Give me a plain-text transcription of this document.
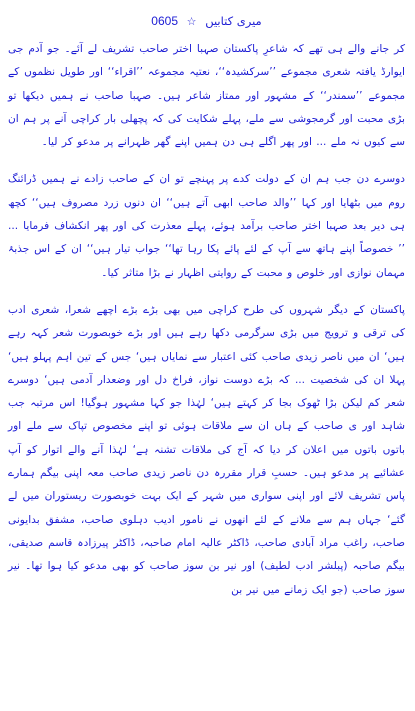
میری کتابیں ☆ 0605

کر جانے والے ہی تھے کہ شاعرِ پاکستان صہبا اختر صاحب تشریف لے آئے۔ جو آدم جی ایوارڈ یافتہ شعری مجموعے ’’سرکشیدہ‘‘، نعتیہ مجموعہ ’’اقراء‘‘ اور طویل نظموں کے مجموعے ’’سمندر‘‘ کے مشہور اور ممتاز شاعر ہیں۔ صہبا صاحب نے ہمیں دیکھا تو بڑی محبت اور گرمجوشی سے ملے، پہلے شکایت کی کہ پچھلی بار کراچی آنے پر ہم ان سے کیوں نہ ملے ... اور پھر اگلے ہی دن ہمیں اپنے گھر ظہرانے پر مدعو کر لیا۔

دوسرے دن جب ہم ان کے دولت کدے پر پہنچے تو ان کے صاحب زادے نے ہمیں ڈرائنگ روم میں بٹھایا اور کہا ’’والد صاحب ابھی آتے ہیں‘‘ ان دنوں زرد مصروف ہیں‘‘ کچھ ہی دیر بعد صہبا اختر صاحب برآمد ہوئے، پہلے معذرت کی اور پھر انکشاف فرمایا ... ’’ خصوصاً اپنے ہاتھ سے آپ کے لئے پائے پکا رہا تھا‘‘ جواب تیار ہیں‘‘ ان کے اس جذبۂ مہمان نوازی اور خلوص و محبت کے روایتی اظہار نے بڑا متاثر کیا۔

پاکستان کے دیگر شہروں کی طرح کراچی میں بھی بڑے بڑے اچھے شعرا، شعری ادب کی ترقی و ترویج میں بڑی سرگرمی دکھا رہے ہیں اور بڑے خوبصورت شعر کہہ رہے ہیں‘ ان میں ناصر زیدی صاحب کئی اعتبار سے نمایاں ہیں‘ جس کے تین اہم پہلو ہیں‘ پہلا ان کی شخصیت ... کہ بڑے دوست نواز، فراخ دل اور وضعدار آدمی ہیں‘ دوسرے شعر کم لیکن بڑا ٹھوک بجا کر کہتے ہیں‘ لہٰذا جو کہا مشہور ہوگیا! اس مرتبہ جب شاہد اور ی صاحب کے ہاں ان سے ملاقات ہوئی تو اپنے مخصوص تپاک سے ملے اور باتوں باتوں میں اعلان کر دیا کہ آج کی ملاقات تشنہ ہے‘ لہٰذا آنے والے اتوار کو آپ عشائیے پر مدعو ہیں۔ حسبِ قرار مقررہ دن ناصر زیدی صاحب معہ اپنی بیگم ہمارے پاس تشریف لائے اور اپنی سواری میں شہر کے ایک بہت خوبصورت ریستوران میں لے گئے‘ جہاں ہم سے ملانے کے لئے انھوں نے نامور ادیب دہلوی صاحب، مشفق بدایونی صاحب، راغب مراد آبادی صاحب، ڈاکٹر عالیہ امام صاحبہ، ڈاکٹر پیرزادہ قاسم صدیقی، بیگم صاحبہ (پبلشر ادب لطیف) اور نیر بن سوز صاحب کو بھی مدعو کیا ہوا تھا۔ نیر سوز صاحب (جو ایک زمانے میں نیر بن
